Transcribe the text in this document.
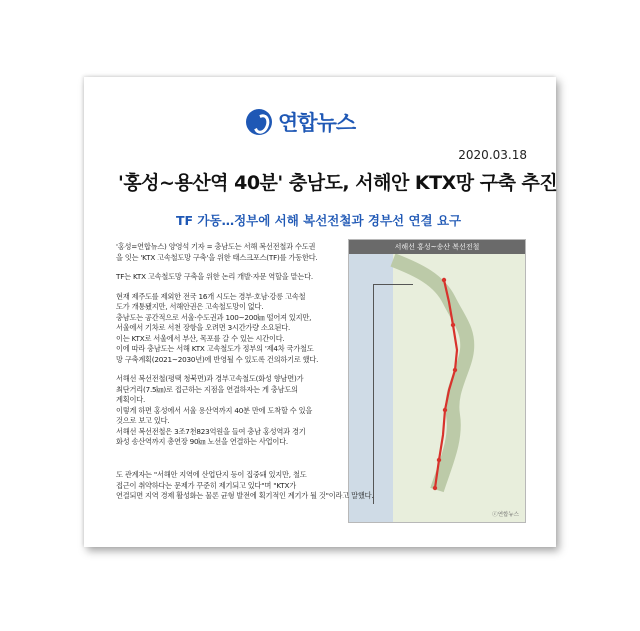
연합뉴스
2020.03.18
'홍성~용산역 40분' 충남도, 서해안 KTX망 구축 추진
TF 가동…정부에 서해 복선전철과 경부선 연결 요구

'홍성=연합뉴스) 양영석 기자 = 충남도는 서해 복선전철과 수도권
을 잇는 'KTX 고속철도망 구축'을 위한 태스크포스(TF)를 가동한다.

TF는 KTX 고속철도망 구축을 위한 논리 개발·자문 역할을 맡는다.

현재 제주도를 제외한 전국 16개 시도는 경부·호남·강릉 고속철
도가 개통됐지만, 서해안권은 고속철도망이 없다.
충남도는 공간적으로 서울·수도권과 100~200㎞ 떨어져 있지만,
서울에서 기차로 서천 장항을 오려면 3시간가량 소요된다.
이는 KTX로 서울에서 부산, 목포를 갈 수 있는 시간이다.
이에 따라 충남도는 서해 KTX 고속철도가 정부의 '제4차 국가철도
망 구축계획(2021~2030년)에 반영될 수 있도록 건의하기로 했다.

서해선 복선전철(평택 청북면)과 경부고속철도(화성 향남면)가
최단거리(7.5㎞)로 접근하는 지점을 연결하자는 게 충남도의
계획이다.
이렇게 하면 홍성에서 서울 용산역까지 40분 만에 도착할 수 있을
것으로 보고 있다.
서해선 복선전철은 3조7천823억원을 들여 충남 홍성역과 경기
화성 송산역까지 총연장 90㎞ 노선을 연결하는 사업이다.

서해선 홍성~송산 복선전철
ⓒ연합뉴스
도 관계자는 "서해안 지역에 산업단지 등이 집중돼 있지만, 철도
접근이 취약하다는 문제가 꾸준히 제기되고 있다"며 "KTX가
연결되면 지역 경제 활성화는 물론 균형 발전에 획기적인 계기가 될 것"이라고 말했다.
